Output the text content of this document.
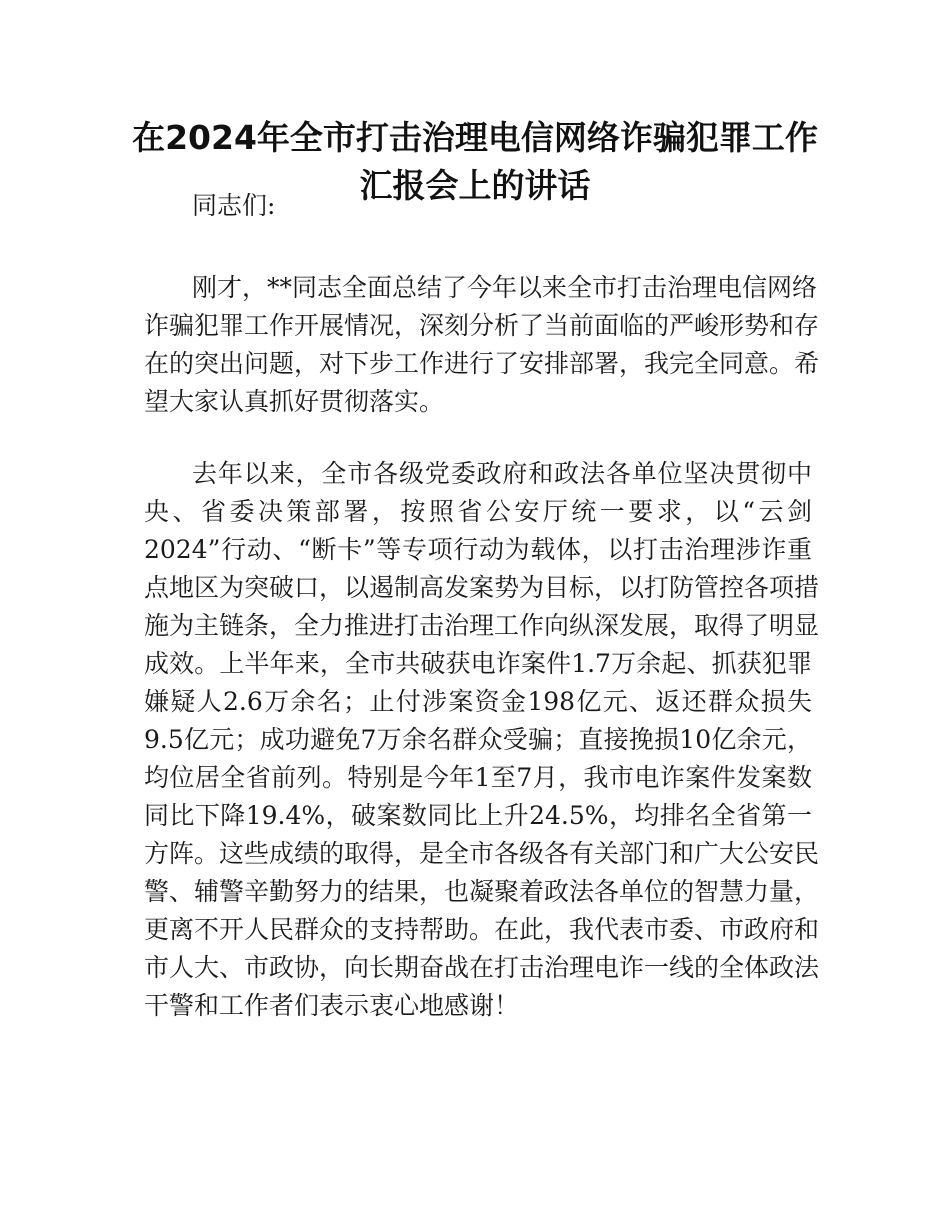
在2024年全市打击治理电信网络诈骗犯罪工作
汇报会上的讲话
同志们:
刚才，**同志全面总结了今年以来全市打击治理电信网络
诈骗犯罪工作开展情况，深刻分析了当前面临的严峻形势和存
在的突出问题，对下步工作进行了安排部署，我完全同意。希
望大家认真抓好贯彻落实。
去年以来，全市各级党委政府和政法各单位坚决贯彻中
央、省委决策部署，按照省公安厅统一要求，以“云剑
2024”行动、“断卡”等专项行动为载体，以打击治理涉诈重
点地区为突破口，以遏制高发案势为目标，以打防管控各项措
施为主链条，全力推进打击治理工作向纵深发展，取得了明显
成效。上半年来，全市共破获电诈案件1.7万余起、抓获犯罪
嫌疑人2.6万余名；止付涉案资金198亿元、返还群众损失
9.5亿元；成功避免7万余名群众受骗；直接挽损10亿余元，
均位居全省前列。特别是今年1至7月，我市电诈案件发案数
同比下降19.4%，破案数同比上升24.5%，均排名全省第一
方阵。这些成绩的取得，是全市各级各有关部门和广大公安民
警、辅警辛勤努力的结果，也凝聚着政法各单位的智慧力量，
更离不开人民群众的支持帮助。在此，我代表市委、市政府和
市人大、市政协，向长期奋战在打击治理电诈一线的全体政法
干警和工作者们表示衷心地感谢！
